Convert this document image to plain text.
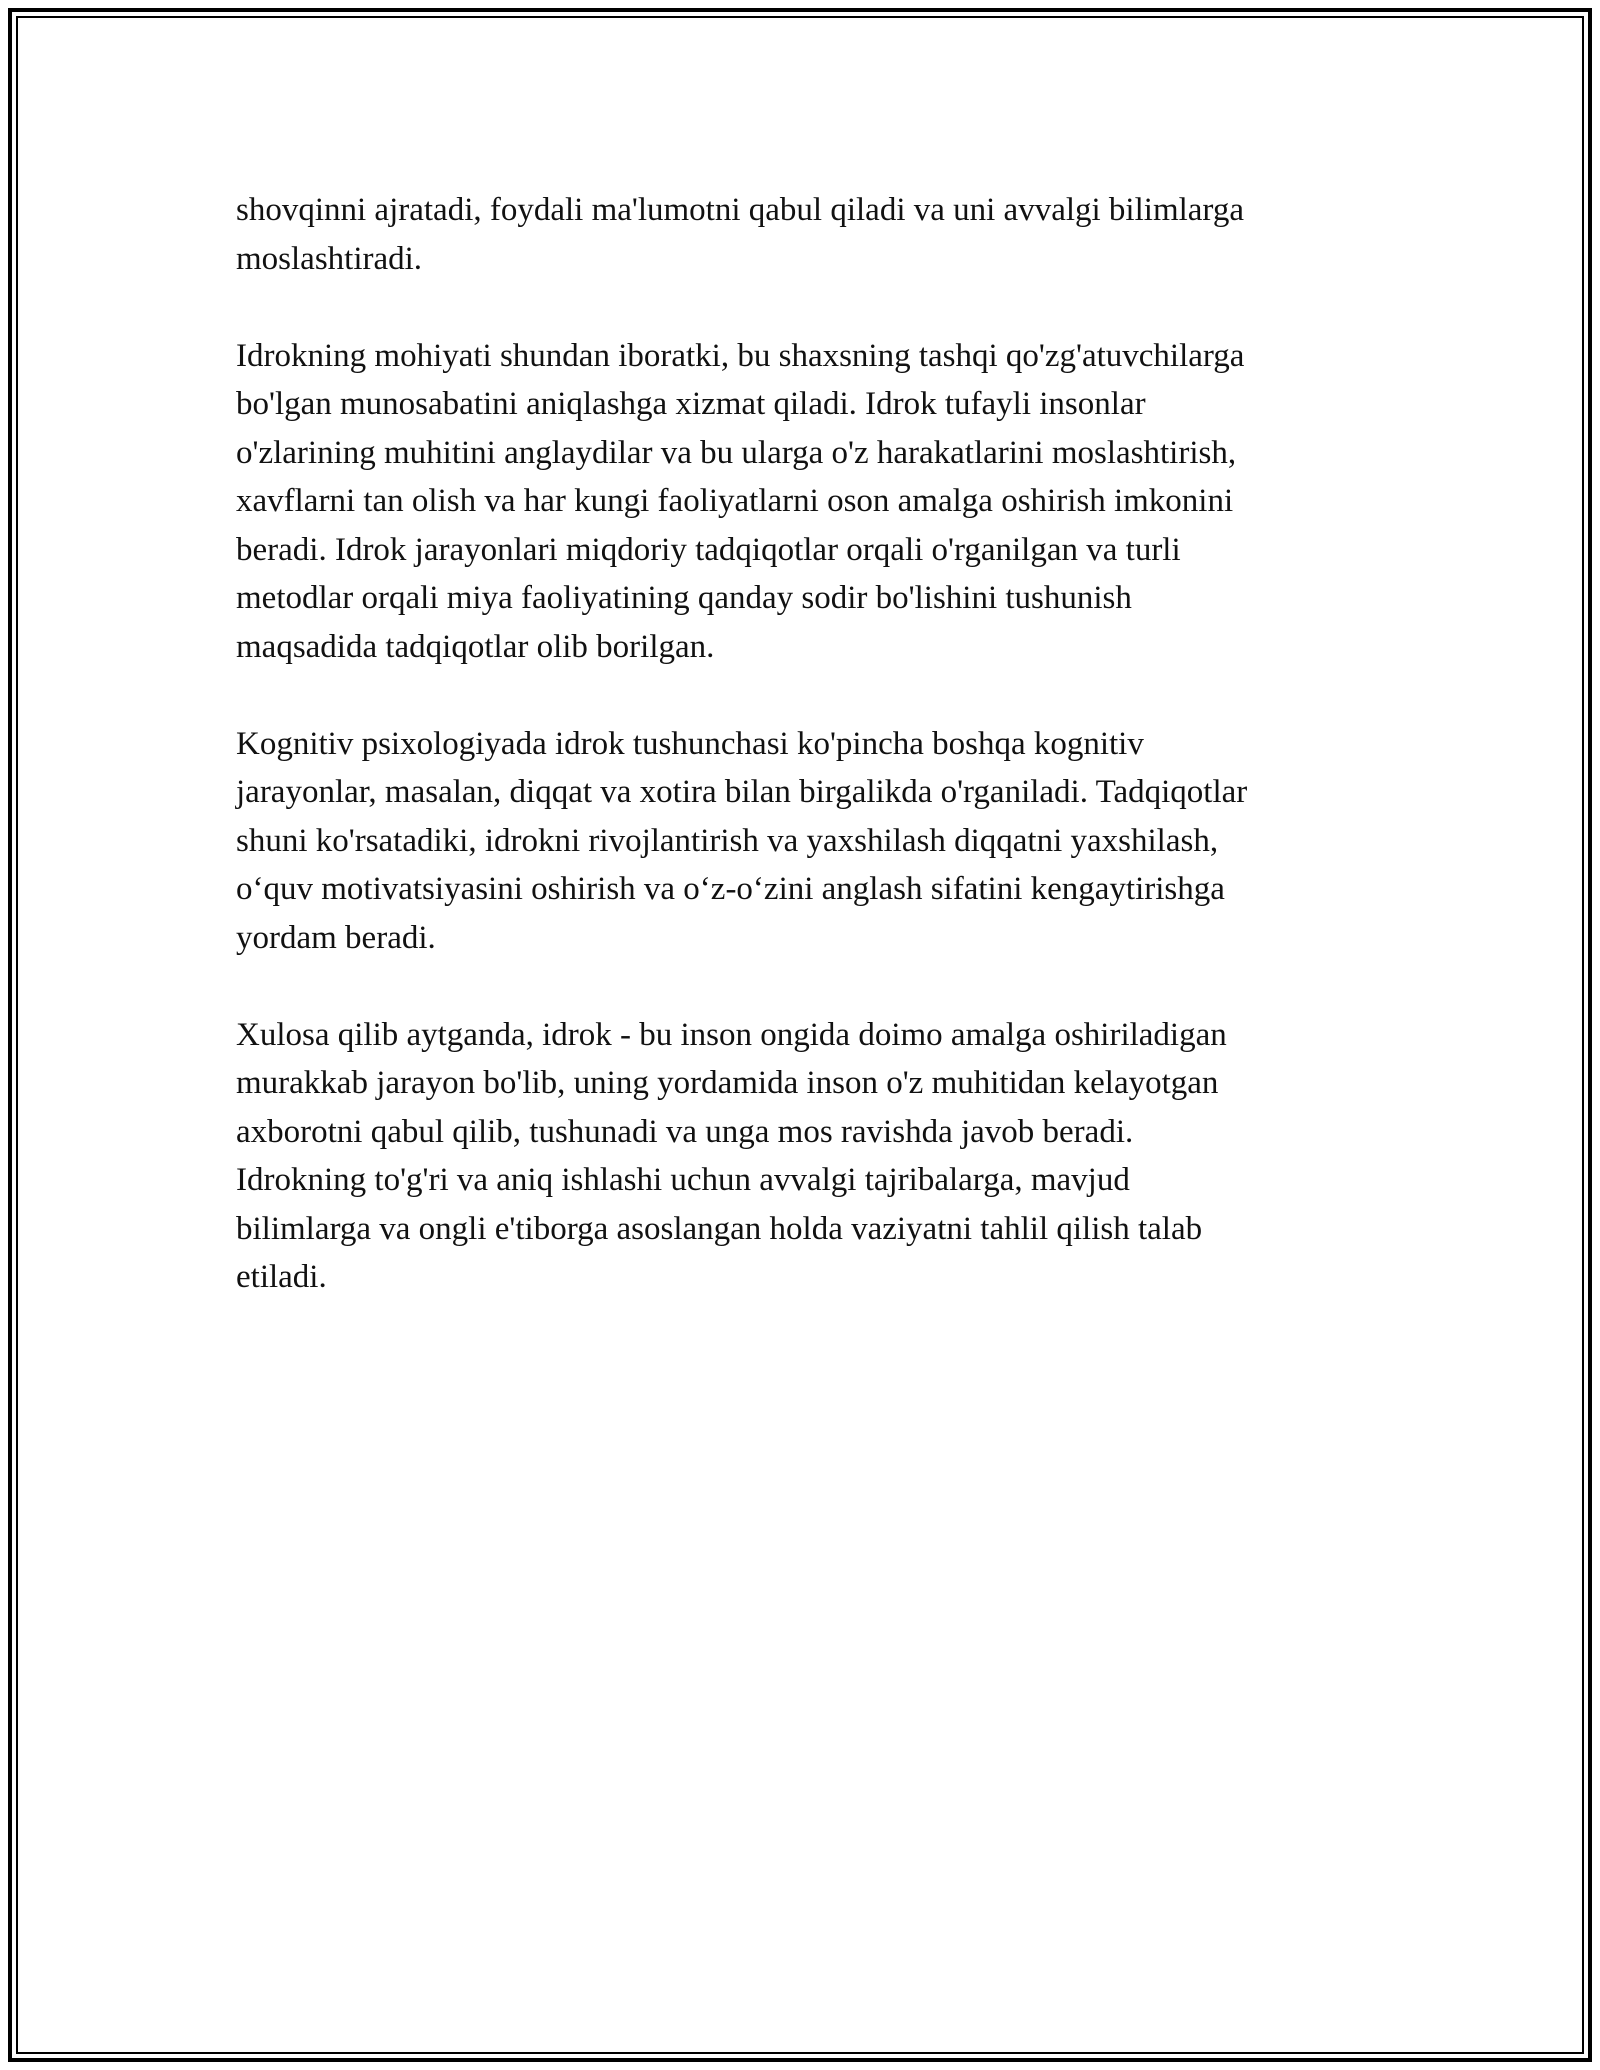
shovqinni ajratadi, foydali ma'lumotni qabul qiladi va uni avvalgi bilimlarga
moslashtiradi.

Idrokning mohiyati shundan iboratki, bu shaxsning tashqi qo'zg'atuvchilarga
bo'lgan munosabatini aniqlashga xizmat qiladi. Idrok tufayli insonlar
o'zlarining muhitini anglaydilar va bu ularga o'z harakatlarini moslashtirish,
xavflarni tan olish va har kungi faoliyatlarni oson amalga oshirish imkonini
beradi. Idrok jarayonlari miqdoriy tadqiqotlar orqali o'rganilgan va turli
metodlar orqali miya faoliyatining qanday sodir bo'lishini tushunish
maqsadida tadqiqotlar olib borilgan.

Kognitiv psixologiyada idrok tushunchasi ko'pincha boshqa kognitiv
jarayonlar, masalan, diqqat va xotira bilan birgalikda o'rganiladi. Tadqiqotlar
shuni ko'rsatadiki, idrokni rivojlantirish va yaxshilash diqqatni yaxshilash,
o‘quv motivatsiyasini oshirish va o‘z-o‘zini anglash sifatini kengaytirishga
yordam beradi.

Xulosa qilib aytganda, idrok - bu inson ongida doimo amalga oshiriladigan
murakkab jarayon bo'lib, uning yordamida inson o'z muhitidan kelayotgan
axborotni qabul qilib, tushunadi va unga mos ravishda javob beradi.
Idrokning to'g'ri va aniq ishlashi uchun avvalgi tajribalarga, mavjud
bilimlarga va ongli e'tiborga asoslangan holda vaziyatni tahlil qilish talab
etiladi.
